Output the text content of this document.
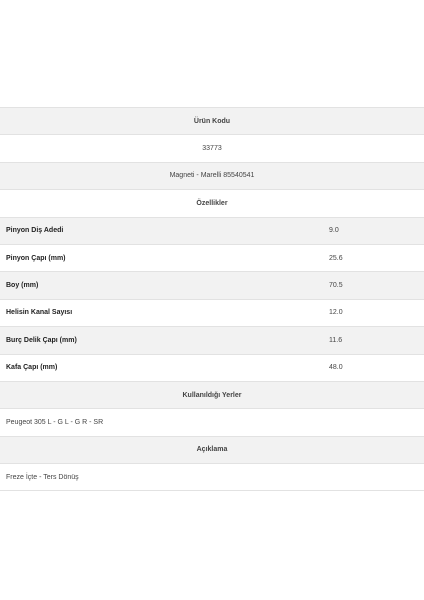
Ürün Kodu
33773
Magneti - Marelli 85540541
Özellikler
Pinyon Diş Adedi	9.0
Pinyon Çapı (mm)	25.6
Boy (mm)	70.5
Helisin Kanal Sayısı	12.0
Burç Delik Çapı (mm)	11.6
Kafa Çapı (mm)	48.0
Kullanıldığı Yerler
Peugeot 305 L - G L - G R - SR
Açıklama
Freze İçte - Ters Dönüş
